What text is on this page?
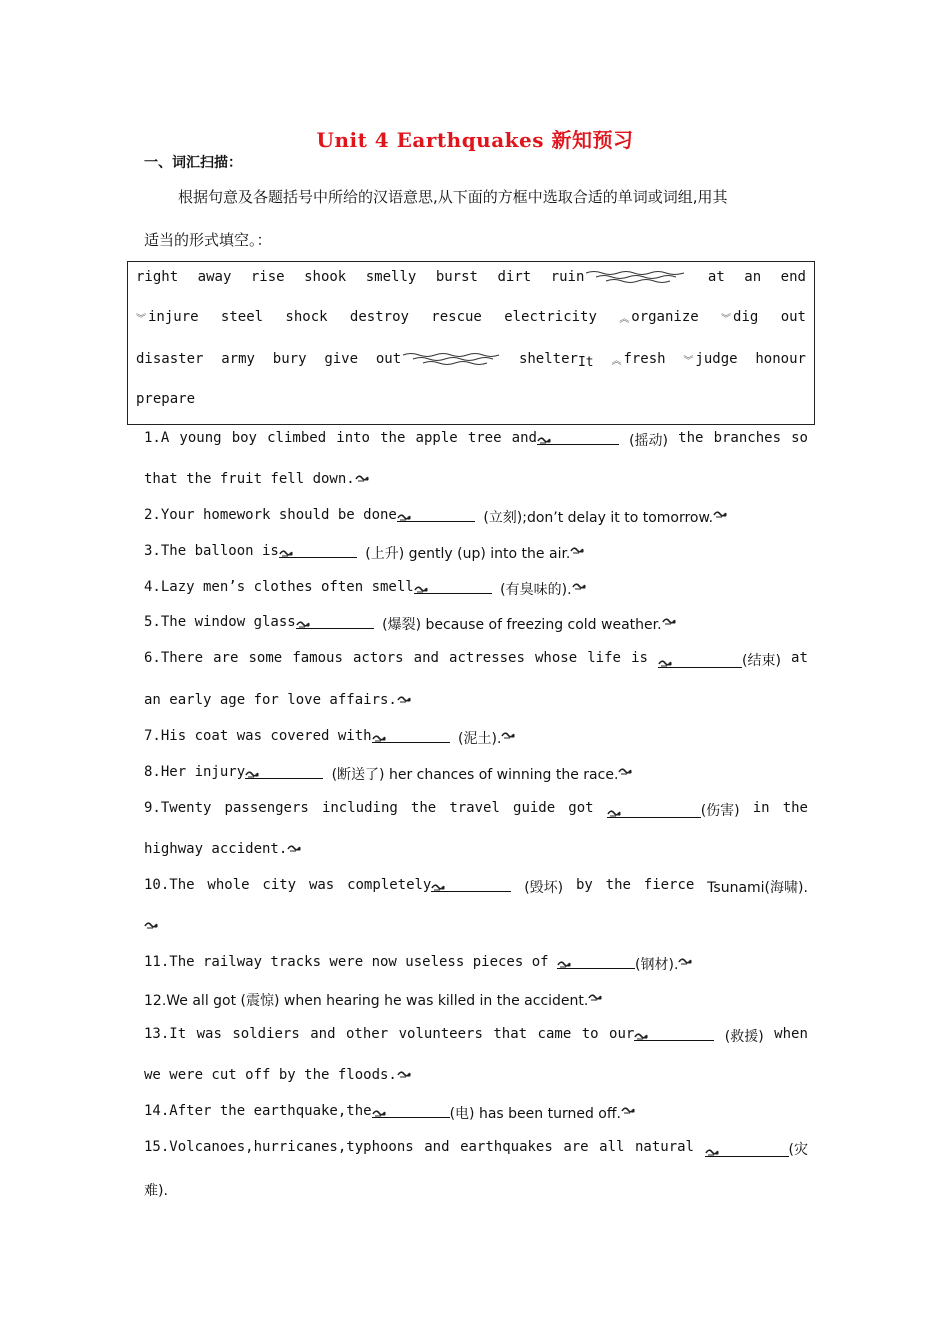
Unit 4 Earthquakes 新知预习
一、词汇扫描：
根据句意及各题括号中所给的汉语意思,从下面的方框中选取合适的单词或词组,用其
适当的形式填空。：
right away rise shook smelly burst dirt ruin	at an end
︾ injure steel shock destroy rescue electricity ︽ organize ︾ dig out
disaster army bury give out	shelter It ︽ fresh ︾ judge honour
prepare
1.A young boy climbed into the apple tree and	(摇动) the branches so
that the fruit fell down.
2.Your homework should be done
	(立刻);don’t delay it to tomorrow.
3.The balloon is
	(上升) gently (up) into the air.
4.Lazy men’s clothes often smell
	(有臭味的).
5.The window glass
	(爆裂) because of freezing cold weather.
6.There are some famous actors and actresses whose life is	(结束) at
an early age for love affairs.
7.His coat was covered with
	(泥土).
8.Her injury
	(断送了) her chances of winning the race.
9.Twenty passengers including the travel guide got	(伤害) in the
highway accident.
10.The whole city was completely	(毁坏) by the fierce Tsunami(海啸).
11.The railway tracks were now useless pieces of
	(钢材).
12.We all got (震惊) when hearing he was killed in the accident.
13.It was soldiers and other volunteers that came to our	(救援) when
we were cut off by the floods.
14.After the earthquake,the	(电) has been turned off.
15.Volcanoes,hurricanes,typhoons and earthquakes are all natural	(灾
难).
